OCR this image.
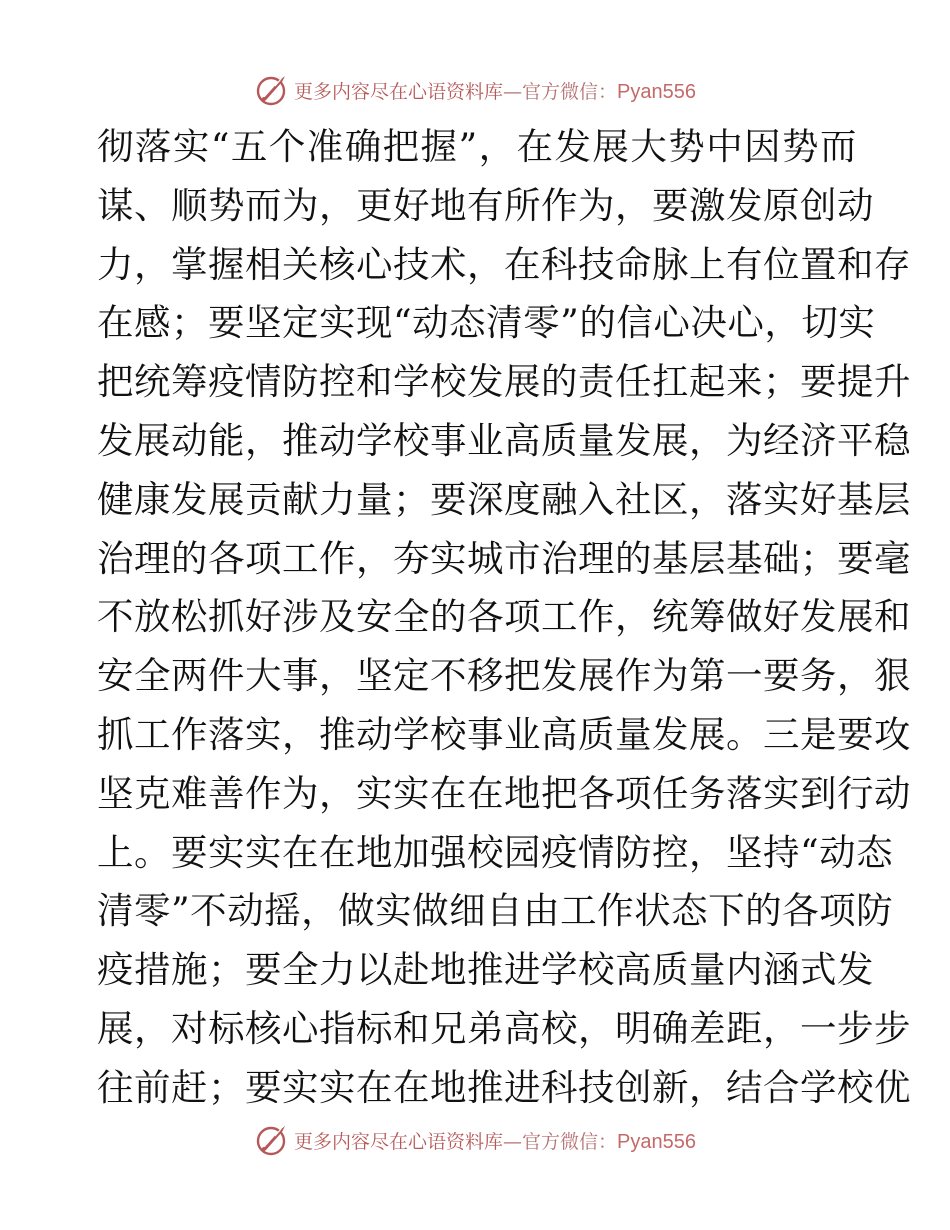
更多内容尽在心语资料库—官方微信：Pyan556
彻落实“五个准确把握”，在发展大势中因势而
谋、顺势而为，更好地有所作为，要激发原创动
力，掌握相关核心技术，在科技命脉上有位置和存
在感；要坚定实现“动态清零”的信心决心，切实
把统筹疫情防控和学校发展的责任扛起来；要提升
发展动能，推动学校事业高质量发展，为经济平稳
健康发展贡献力量；要深度融入社区，落实好基层
治理的各项工作，夯实城市治理的基层基础；要毫
不放松抓好涉及安全的各项工作，统筹做好发展和
安全两件大事，坚定不移把发展作为第一要务，狠
抓工作落实，推动学校事业高质量发展。三是要攻
坚克难善作为，实实在在地把各项任务落实到行动
上。要实实在在地加强校园疫情防控，坚持“动态
清零”不动摇，做实做细自由工作状态下的各项防
疫措施；要全力以赴地推进学校高质量内涵式发
展，对标核心指标和兄弟高校，明确差距，一步步
往前赶；要实实在在地推进科技创新，结合学校优
更多内容尽在心语资料库—官方微信：Pyan556
